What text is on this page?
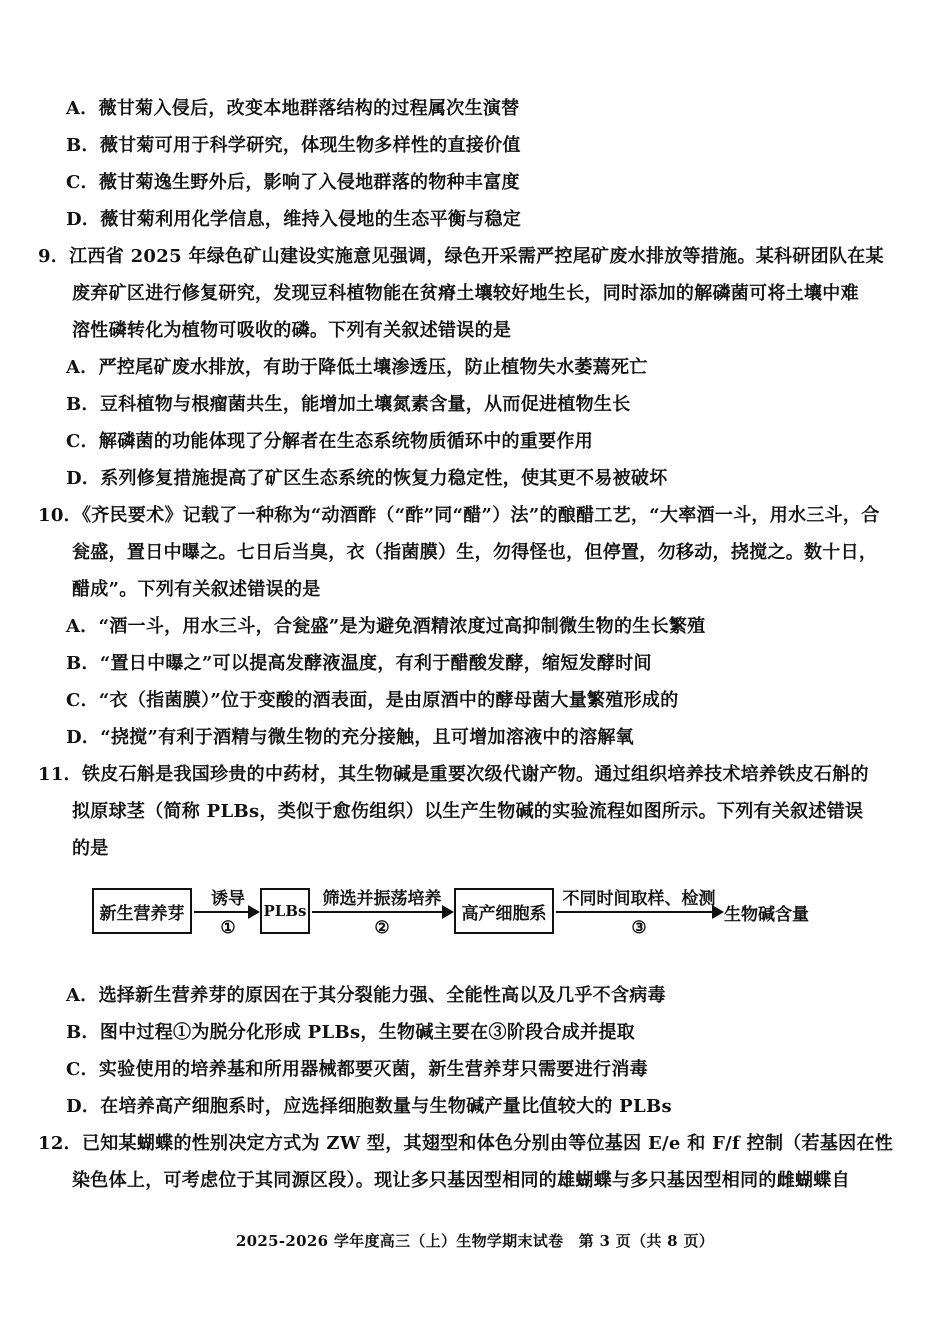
A．薇甘菊入侵后，改变本地群落结构的过程属次生演替
B．薇甘菊可用于科学研究，体现生物多样性的直接价值
C．薇甘菊逸生野外后，影响了入侵地群落的物种丰富度
D．薇甘菊利用化学信息，维持入侵地的生态平衡与稳定
9．江西省 2025 年绿色矿山建设实施意见强调，绿色开采需严控尾矿废水排放等措施。某科研团队在某
废弃矿区进行修复研究，发现豆科植物能在贫瘠土壤较好地生长，同时添加的解磷菌可将土壤中难
溶性磷转化为植物可吸收的磷。下列有关叙述错误的是
A．严控尾矿废水排放，有助于降低土壤渗透压，防止植物失水萎蔫死亡
B．豆科植物与根瘤菌共生，能增加土壤氮素含量，从而促进植物生长
C．解磷菌的功能体现了分解者在生态系统物质循环中的重要作用
D．系列修复措施提高了矿区生态系统的恢复力稳定性，使其更不易被破坏
10．《齐民要术》记载了一种称为“动酒酢（“酢”同“醋”）法”的酿醋工艺，“大率酒一斗，用水三斗，合
瓮盛，置日中曝之。七日后当臭，衣（指菌膜）生，勿得怪也，但停置，勿移动，挠搅之。数十日，
醋成”。下列有关叙述错误的是
A．“酒一斗，用水三斗，合瓮盛”是为避免酒精浓度过高抑制微生物的生长繁殖
B．“置日中曝之”可以提高发酵液温度，有利于醋酸发酵，缩短发酵时间
C．“衣（指菌膜）”位于变酸的酒表面，是由原酒中的酵母菌大量繁殖形成的
D．“挠搅”有利于酒精与微生物的充分接触，且可增加溶液中的溶解氧
11．铁皮石斛是我国珍贵的中药材，其生物碱是重要次级代谢产物。通过组织培养技术培养铁皮石斛的
拟原球茎（简称 PLBs，类似于愈伤组织）以生产生物碱的实验流程如图所示。下列有关叙述错误
的是
新生营养芽
诱导
①
PLBs
筛选并振荡培养
②
高产细胞系
不同时间取样、检测
③
生物碱含量
A．选择新生营养芽的原因在于其分裂能力强、全能性高以及几乎不含病毒
B．图中过程①为脱分化形成 PLBs，生物碱主要在③阶段合成并提取
C．实验使用的培养基和所用器械都要灭菌，新生营养芽只需要进行消毒
D．在培养高产细胞系时，应选择细胞数量与生物碱产量比值较大的 PLBs
12．已知某蝴蝶的性别决定方式为 ZW 型，其翅型和体色分别由等位基因 E/e 和 F/f 控制（若基因在性
染色体上，可考虑位于其同源区段）。现让多只基因型相同的雄蝴蝶与多只基因型相同的雌蝴蝶自
2025-2026 学年度高三（上）生物学期末试卷　第 3 页（共 8 页）
